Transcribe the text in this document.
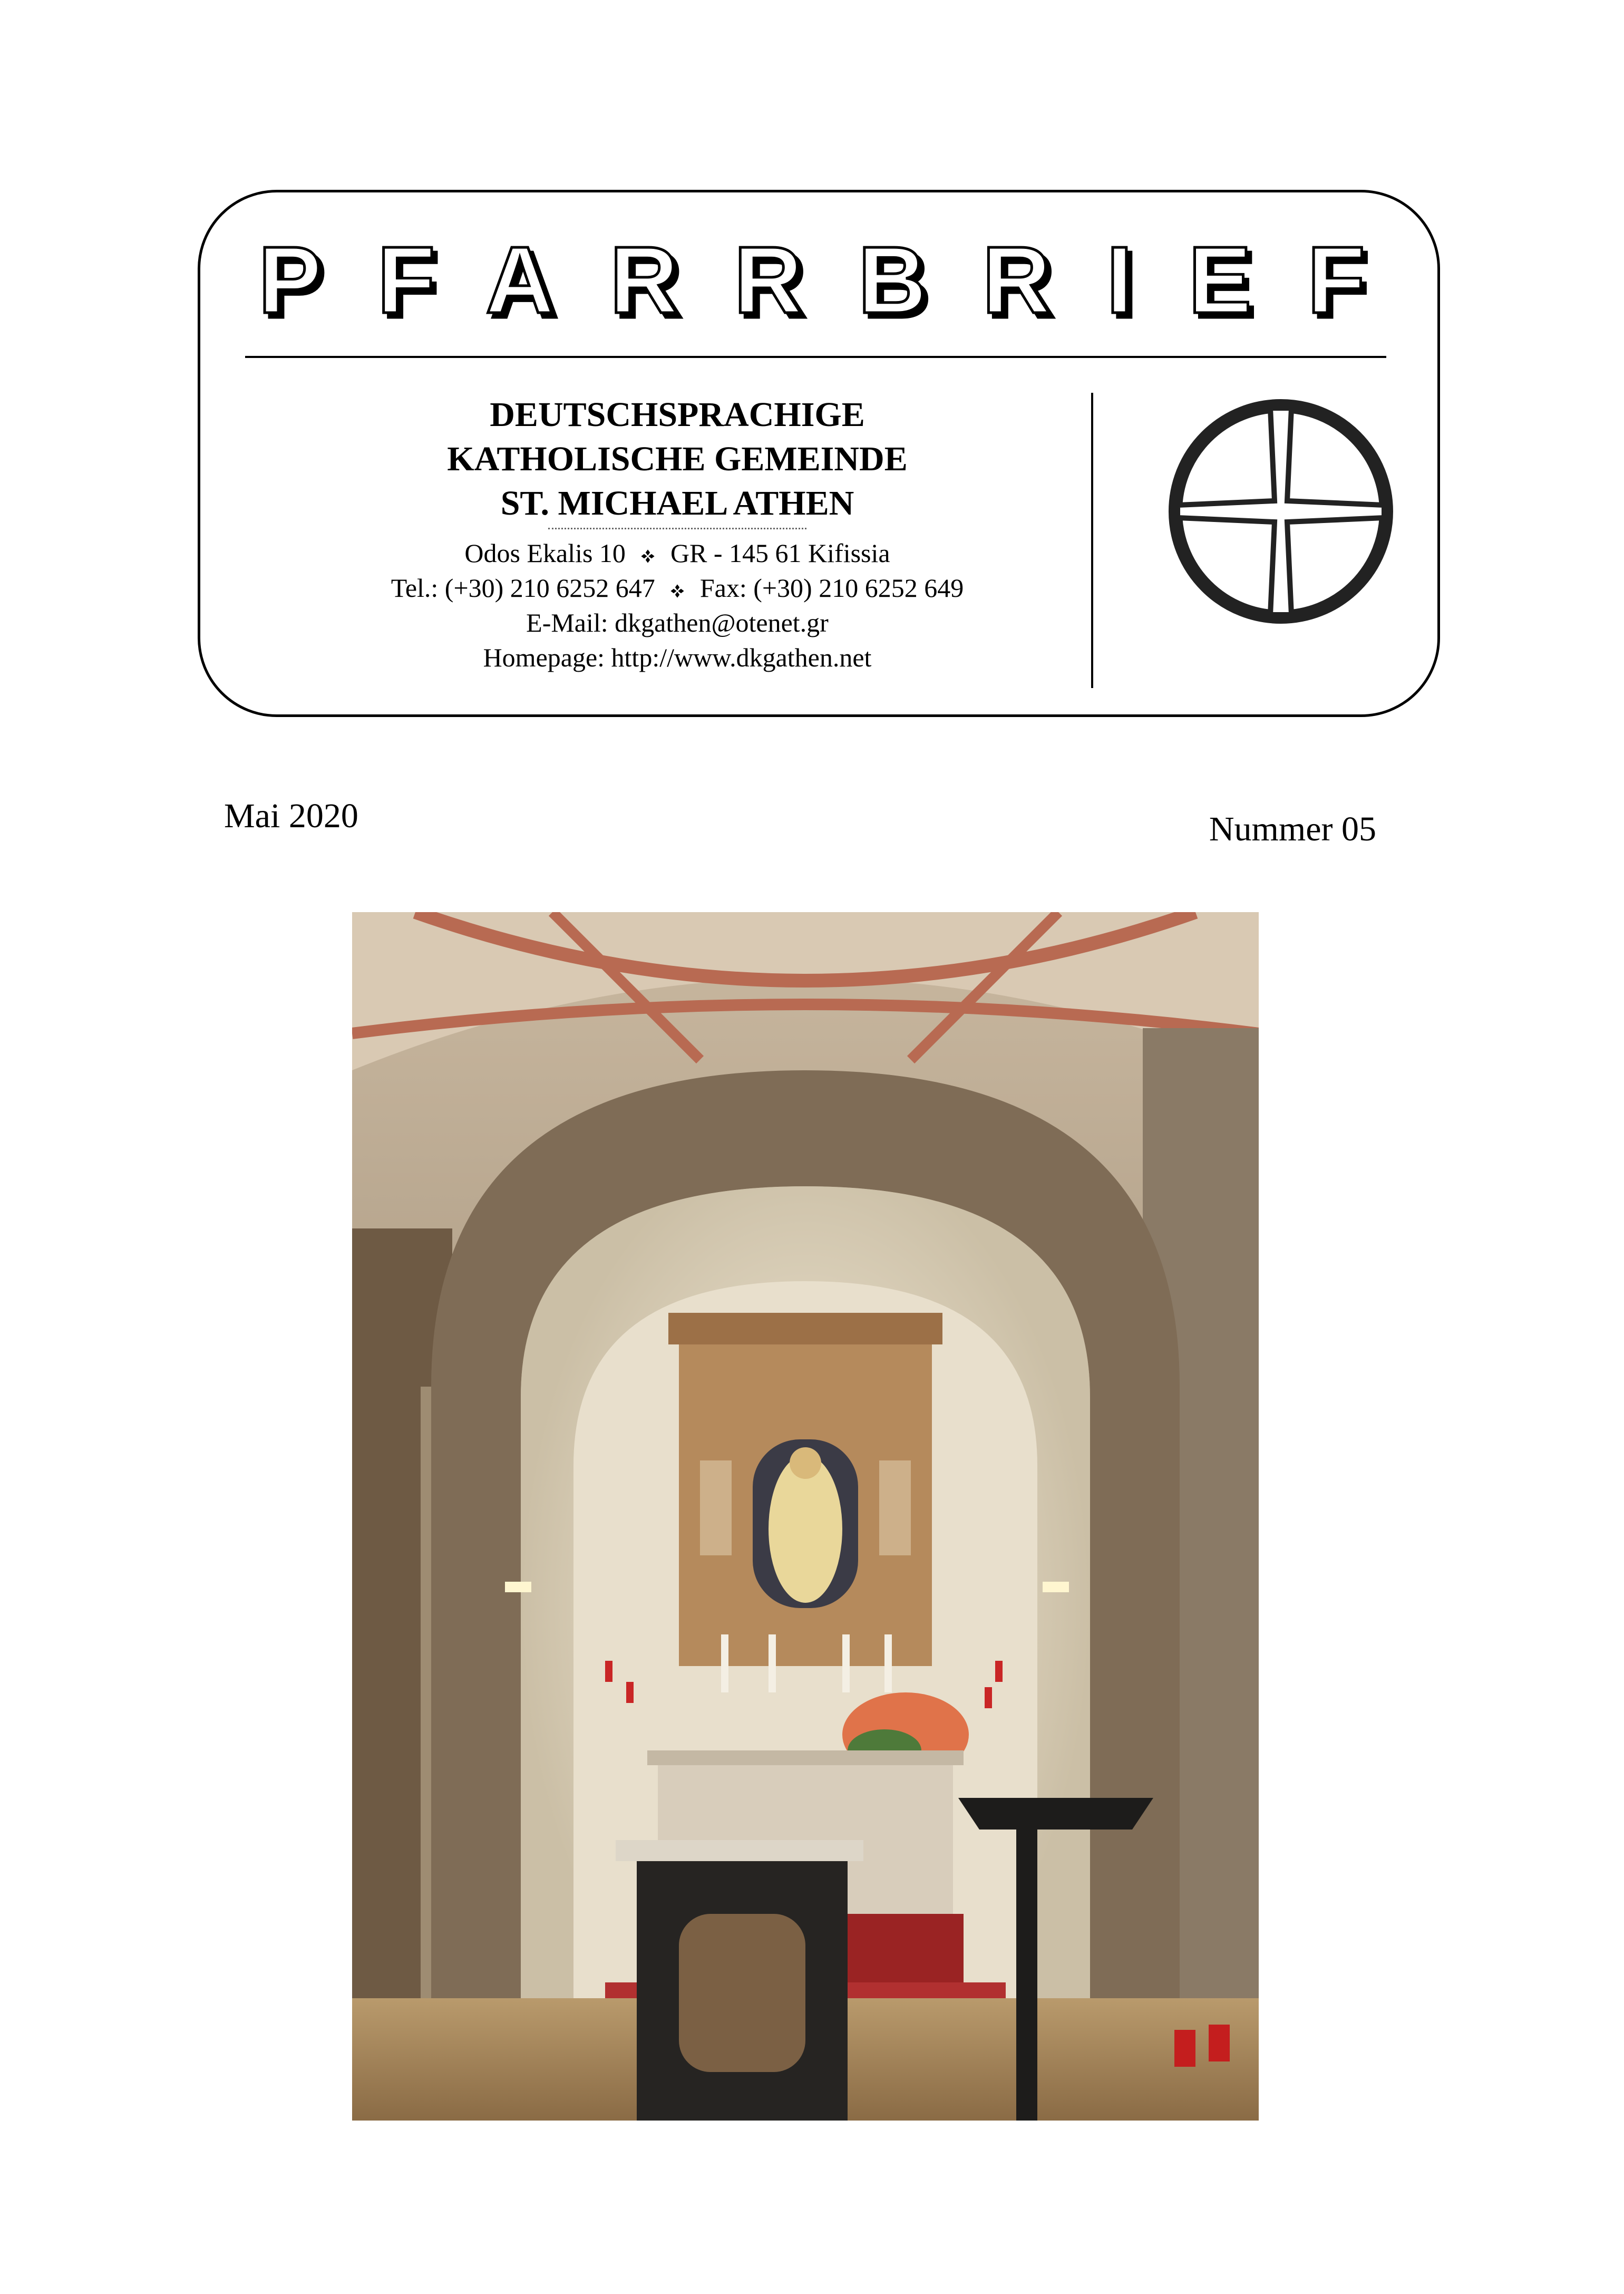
PFARRBRIEF
DEUTSCHSPRACHIGE
KATHOLISCHE GEMEINDE
ST. MICHAEL ATHEN
Odos Ekalis 10 GR - 145 61 Kifissia
Tel.: (+30) 210 6252 647 Fax: (+30) 210 6252 649
E-Mail: dkgathen@otenet.gr
Homepage: http://www.dkgathen.net
Mai 2020	Nummer 05
